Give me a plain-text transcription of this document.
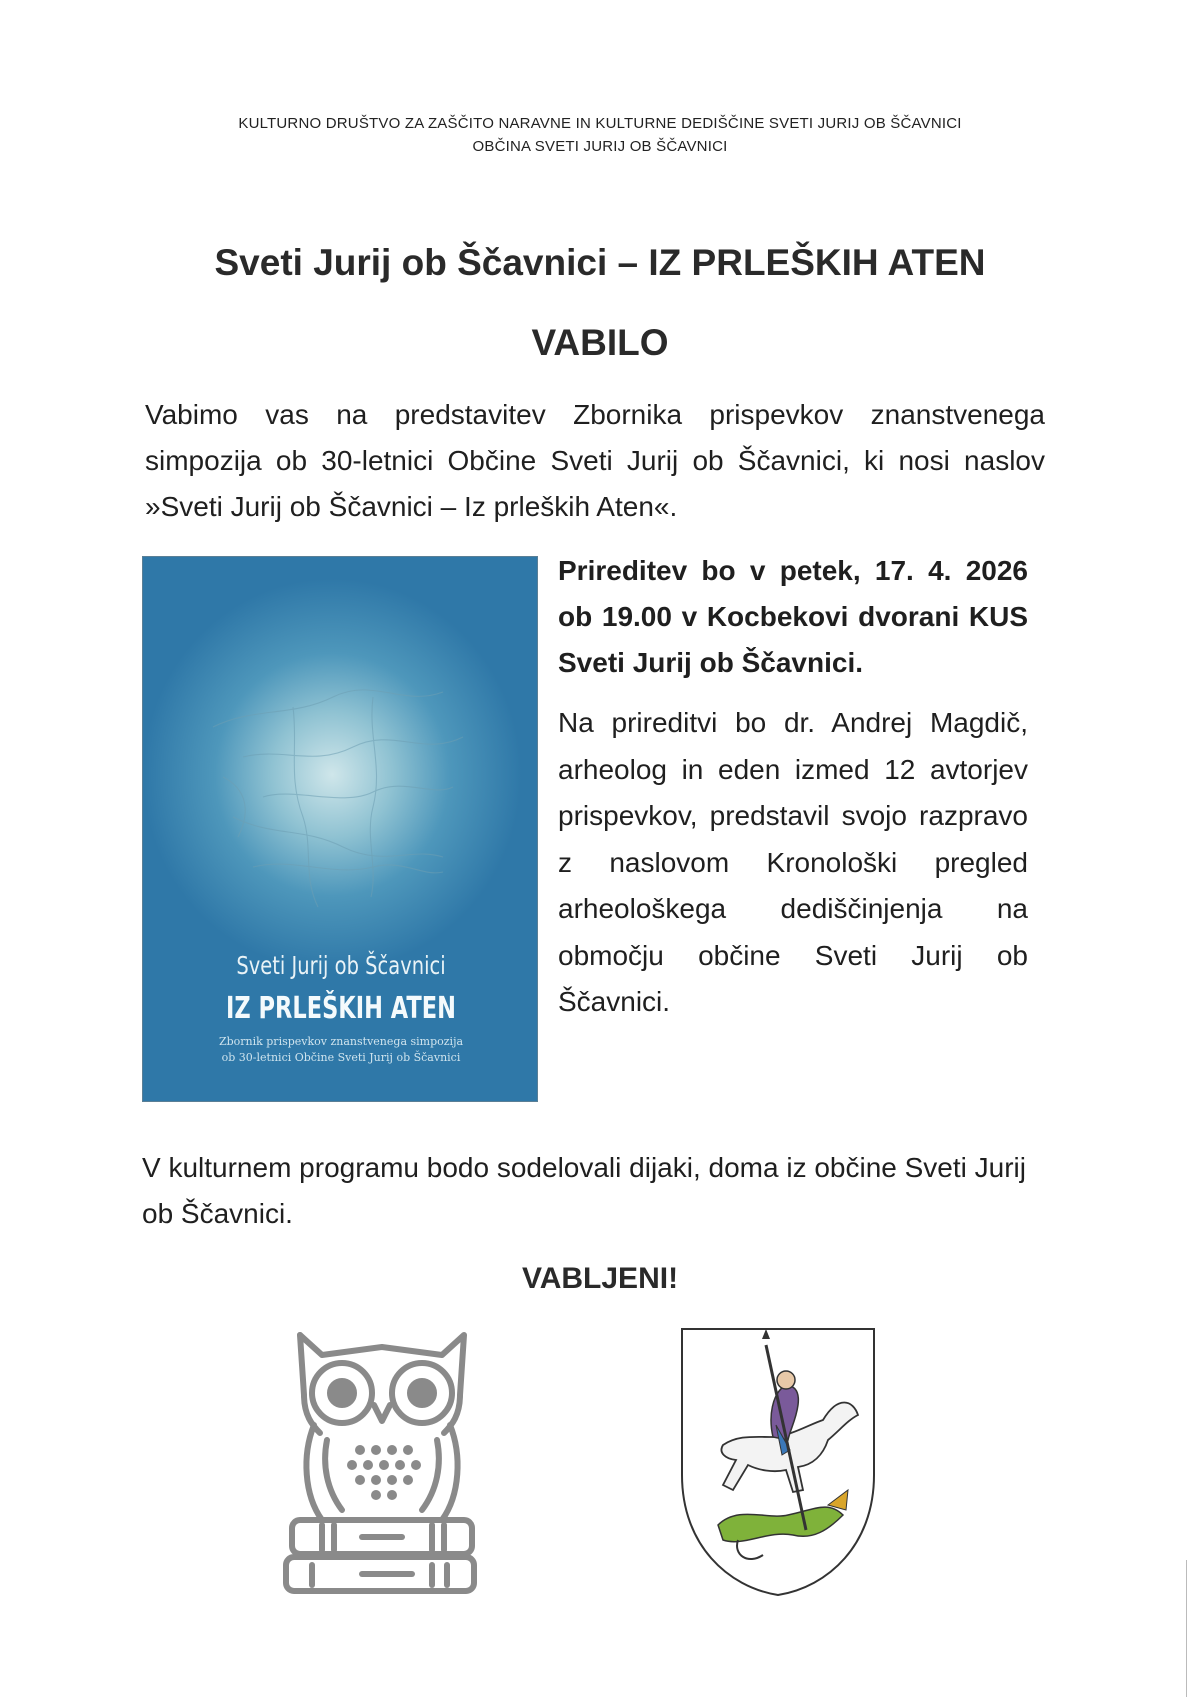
KULTURNO DRUŠTVO ZA ZAŠČITO NARAVNE IN KULTURNE DEDIŠČINE SVETI JURIJ OB ŠČAVNICI
OBČINA SVETI JURIJ OB ŠČAVNICI
Sveti Jurij ob Ščavnici – IZ PRLEŠKIH ATEN
VABILO
Vabimo vas na predstavitev Zbornika prispevkov znanstvenega simpozija ob 30-letnici Občine Sveti Jurij ob Ščavnici, ki nosi naslov »Sveti Jurij ob Ščavnici – Iz prleških Aten«.
Sveti Jurij ob Ščavnici
IZ PRLEŠKIH ATEN
Zbornik prispevkov znanstvenega simpozija
ob 30-letnici Občine Sveti Jurij ob Ščavnici
Prireditev bo v petek, 17. 4. 2026 ob 19.00 v Kocbekovi dvorani KUS Sveti Jurij ob Ščavnici.
Na prireditvi bo dr. Andrej Magdič, arheolog in eden izmed 12 avtorjev prispevkov, predstavil svojo razpravo z naslovom Kronološki pregled arheološkega dediščinjenja na območju občine Sveti Jurij ob Ščavnici.
V kulturnem programu bodo sodelovali dijaki, doma iz občine Sveti Jurij ob Ščavnici.
VABLJENI!
